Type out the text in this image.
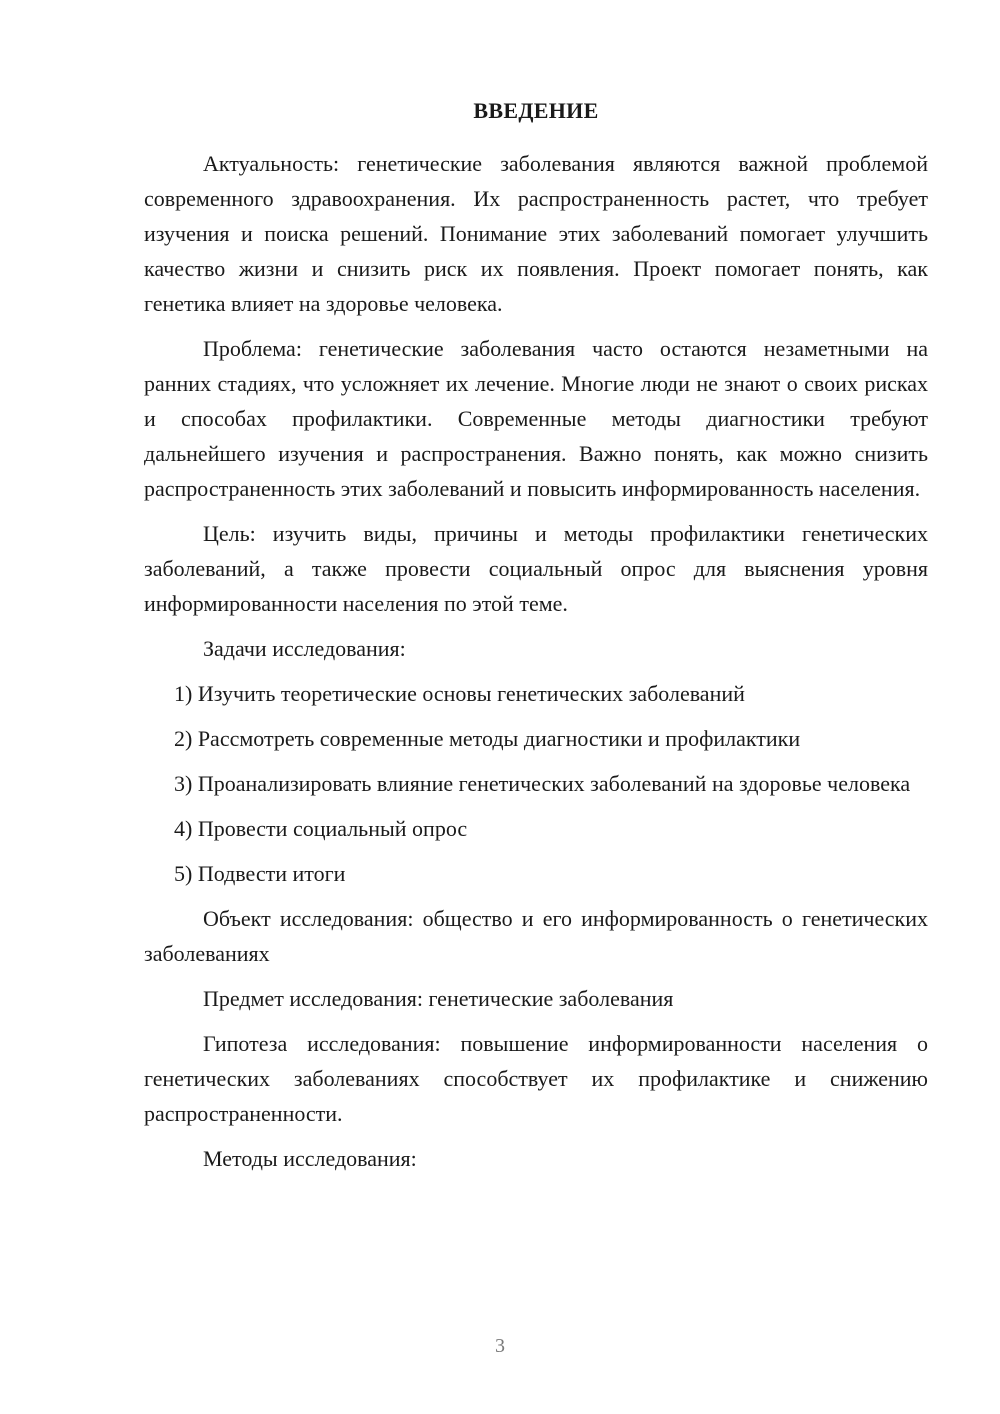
ВВЕДЕНИЕ

Актуальность: генетические заболевания являются важной проблемой современного здравоохранения. Их распространенность растет, что требует изучения и поиска решений. Понимание этих заболеваний помогает улучшить качество жизни и снизить риск их появления. Проект помогает понять, как генетика влияет на здоровье человека.

Проблема: генетические заболевания часто остаются незаметными на ранних стадиях, что усложняет их лечение. Многие люди не знают о своих рисках и способах профилактики. Современные методы диагностики требуют дальнейшего изучения и распространения. Важно понять, как можно снизить распространенность этих заболеваний и повысить информированность населения.

Цель: изучить виды, причины и методы профилактики генетических заболеваний, а также провести социальный опрос для выяснения уровня информированности населения по этой теме.

Задачи исследования:

1) Изучить теоретические основы генетических заболеваний

2) Рассмотреть современные методы диагностики и профилактики

3) Проанализировать влияние генетических заболеваний на здоровье человека

4) Провести социальный опрос

5) Подвести итоги

Объект исследования: общество и его информированность о генетических заболеваниях

Предмет исследования: генетические заболевания

Гипотеза исследования: повышение информированности населения о генетических заболеваниях способствует их профилактике и снижению распространенности.

Методы исследования:

3
